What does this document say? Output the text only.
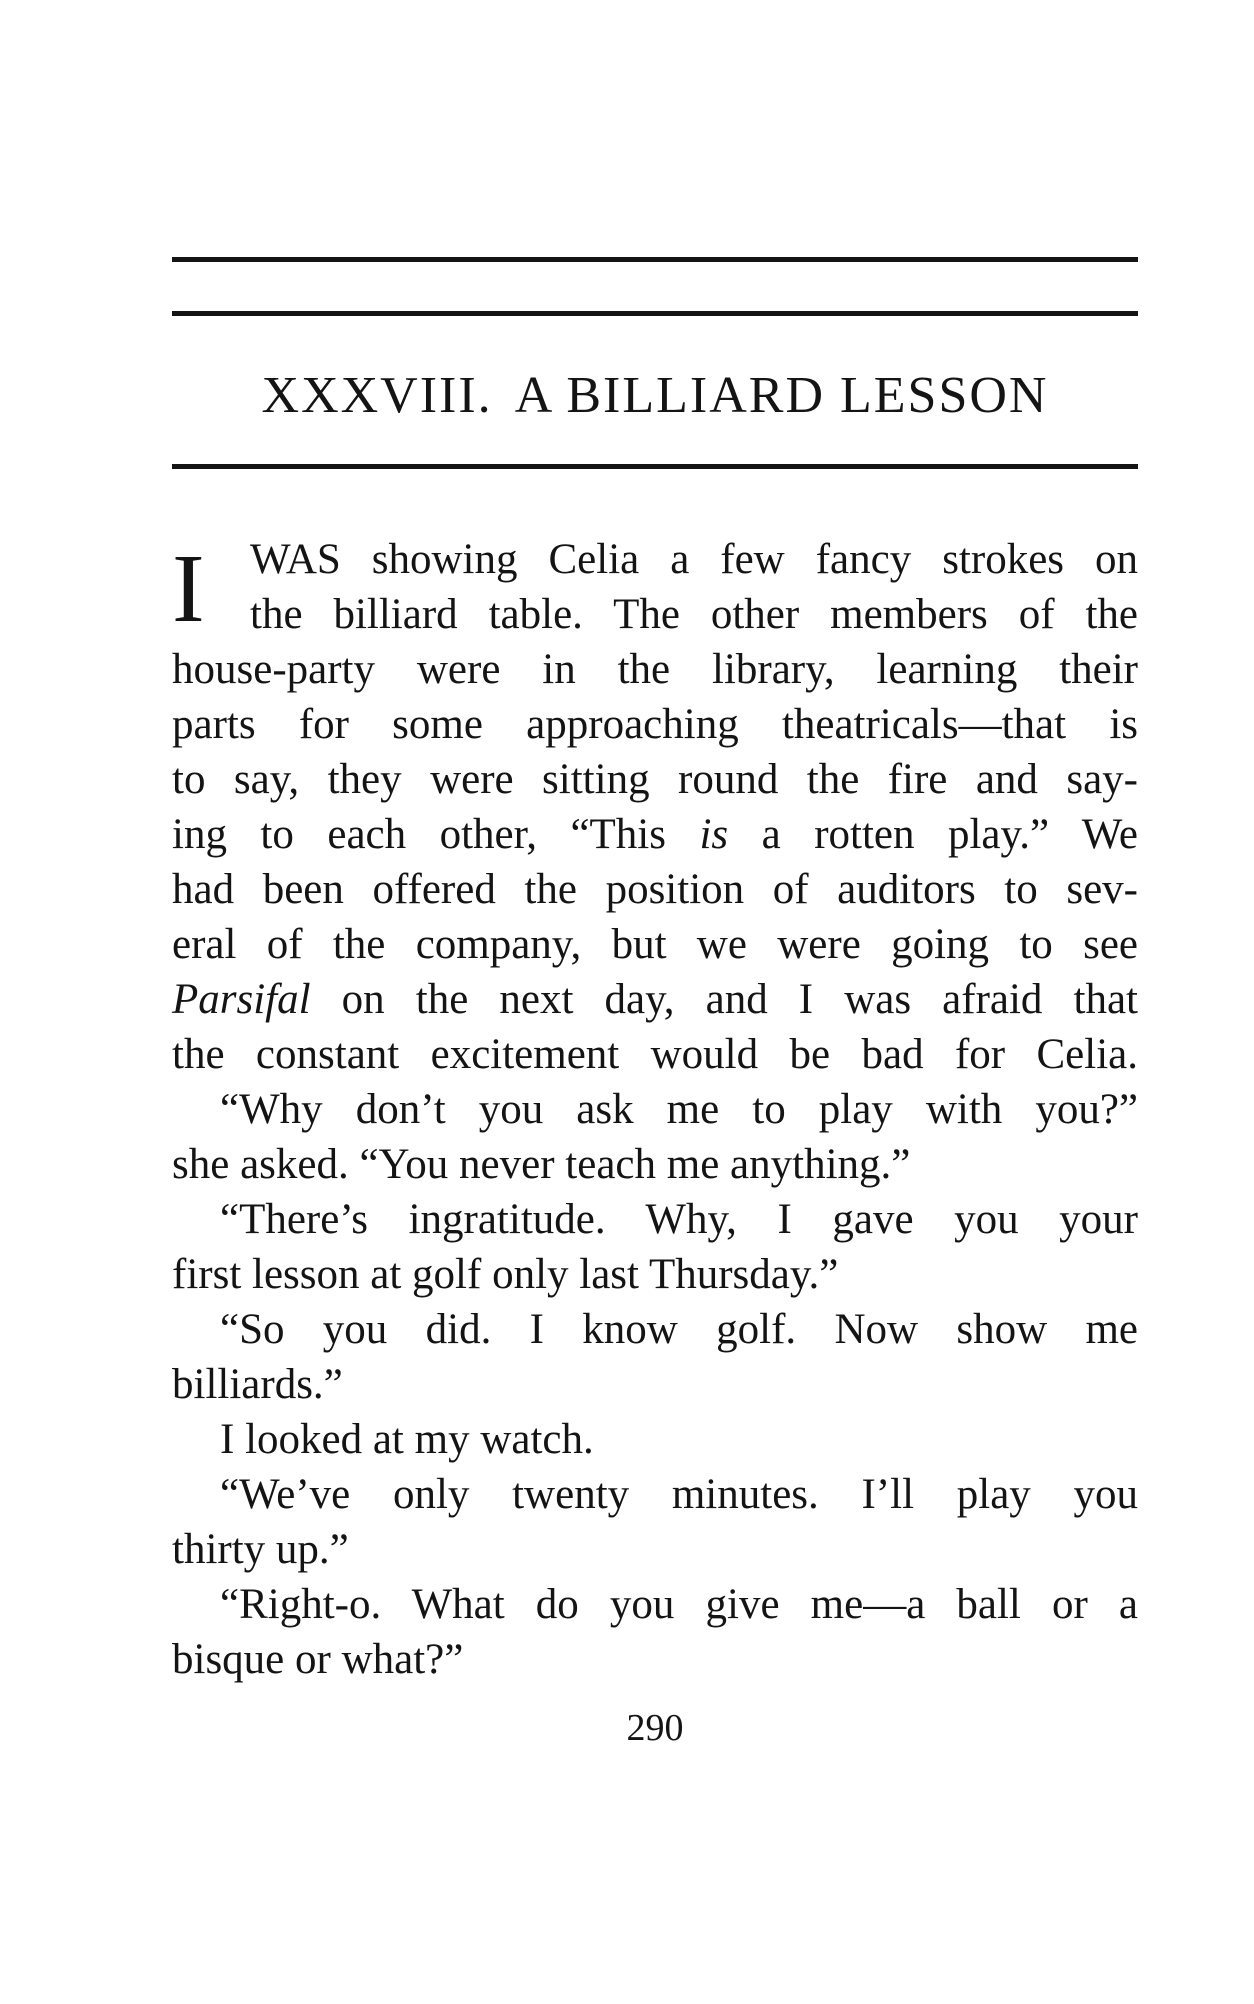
XXXVIII. A BILLIARD LESSON
I	WAS showing Celia a few fancy strokes on
the billiard table. The other members of the
house-party were in the library, learning their
parts for some approaching theatricals—that is
to say, they were sitting round the fire and say-
ing to each other, “This is a rotten play.” We
had been offered the position of auditors to sev-
eral of the company, but we were going to see
Parsifal on the next day, and I was afraid that
the constant excitement would be bad for Celia.
“Why don’t you ask me to play with you?”
she asked. “You never teach me anything.”
“There’s ingratitude. Why, I gave you your
first lesson at golf only last Thursday.”
“So you did. I know golf. Now show me
billiards.”
I looked at my watch.
“We’ve only twenty minutes. I’ll play you
thirty up.”
“Right-o. What do you give me—a ball or a
bisque or what?”
290
